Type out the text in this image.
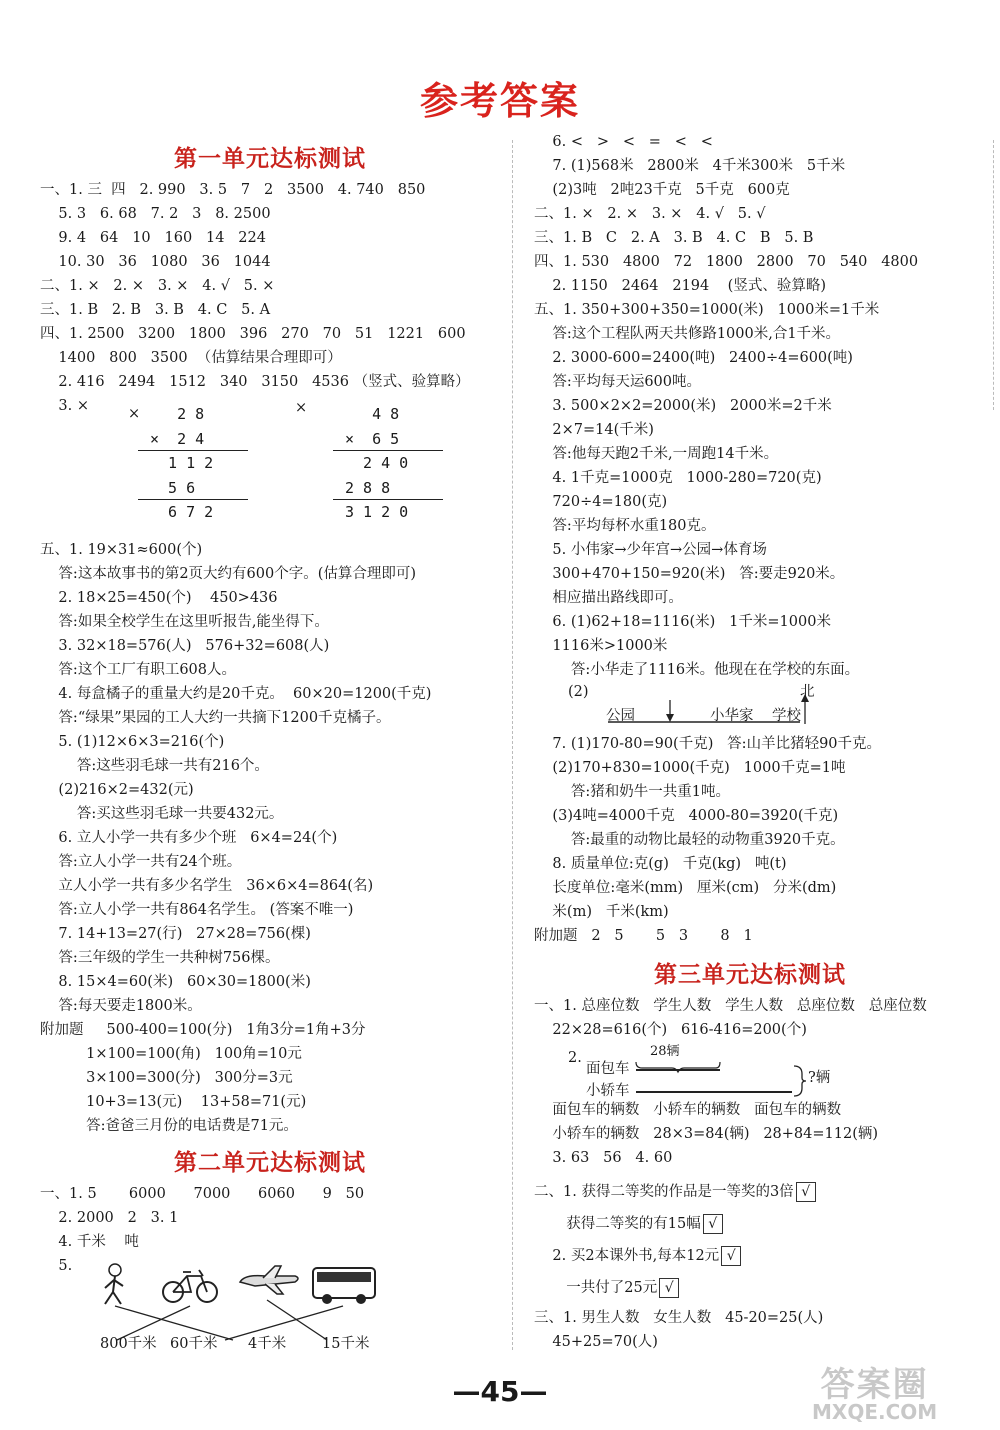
参考答案
第一单元达标测试
一、1. 三  四   2. 990   3. 5   7   2   3500   4. 740   850
5. 3   6. 68   7. 2   3   8. 2500
9. 4   64   10   160   14   224
10. 30   36   1080   36   1044
二、1. ×   2. ×   3. ×   4. √   5. ×
三、1. B   2. B   3. B   4. C   5. A
四、1. 2500   3200   1800   396   270   70   51   1221   600
1400   800   3500  （估算结果合理即可）
2. 416   2494   1512   340   3150   4536 （竖式、验算略）
3. ×	× 2 8
×  2 4
1 1 2
5 6
6 7 2
×	4 8
×  6 5
2 4 0
2 8 8
3 1 2 0
五、1. 19×31≈600(个)
答:这本故事书的第2页大约有600个字。(估算合理即可)
2. 18×25=450(个)    450>436
答:如果全校学生在这里听报告,能坐得下。
3. 32×18=576(人)   576+32=608(人)
答:这个工厂有职工608人。
4. 每盒橘子的重量大约是20千克。  60×20=1200(千克)
答:“绿果”果园的工人大约一共摘下1200千克橘子。
5. (1)12×6×3=216(个)
答:这些羽毛球一共有216个。
(2)216×2=432(元)
答:买这些羽毛球一共要432元。
6. 立人小学一共有多少个班   6×4=24(个)
答:立人小学一共有24个班。
立人小学一共有多少名学生   36×6×4=864(名)
答:立人小学一共有864名学生。 (答案不唯一)
7. 14+13=27(行)   27×28=756(棵)
答:三年级的学生一共种树756棵。
8. 15×4=60(米)   60×30=1800(米)
答:每天要走1800米。
附加题     500-400=100(分)   1角3分=1角+3分
1×100=100(角)   100角=10元
3×100=300(分)   300分=3元
10+3=13(元)    13+58=71(元)
答:爸爸三月份的电话费是71元。
第二单元达标测试
一、1. 5       6000      7000      6060      9   50
2. 2000   2   3. 1
4. 千米    吨
5.
800千米 60千米 4千米 15千米
6. <   >   <   =   <   <
7. (1)568米   2800米   4千米300米   5千米
(2)3吨   2吨23千克   5千克   600克
二、1. ×   2. ×   3. ×   4. √   5. √
三、1. B   C   2. A   3. B   4. C   B   5. B
四、1. 530   4800   72   1800   2800   70   540   4800
2. 1150   2464   2194    (竖式、验算略)
五、1. 350+300+350=1000(米)   1000米=1千米
答:这个工程队两天共修路1000米,合1千米。
2. 3000-600=2400(吨)   2400÷4=600(吨)
答:平均每天运600吨。
3. 500×2×2=2000(米)   2000米=2千米
2×7=14(千米)
答:他每天跑2千米,一周跑14千米。
4. 1千克=1000克   1000-280=720(克)
720÷4=180(克)
答:平均每杯水重180克。
5. 小伟家→少年宫→公园→体育场
300+470+150=920(米)   答:要走920米。
相应描出路线即可。
6. (1)62+18=1116(米)   1千米=1000米
1116米>1000米
答:小华走了1116米。他现在在学校的东面。
(2)
公园	小华家 学校
北
7. (1)170-80=90(千克)   答:山羊比猪轻90千克。
(2)170+830=1000(千克)   1000千克=1吨
答:猪和奶牛一共重1吨。
(3)4吨=4000千克   4000-80=3920(千克)
答:最重的动物比最轻的动物重3920千克。
8. 质量单位:克(g)   千克(kg)   吨(t)
长度单位:毫米(mm)   厘米(cm)   分米(dm)
米(m)   千米(km)
附加题   2   5       5   3       8   1
第三单元达标测试
一、1. 总座位数   学生人数   学生人数   总座位数   总座位数
22×28=616(个)   616-416=200(个)
2.	28辆
面包车
小轿车
?辆
面包车的辆数   小轿车的辆数   面包车的辆数
小轿车的辆数   28×3=84(辆)   28+84=112(辆)
3. 63   56   4. 60
二、1. 获得二等奖的作品是一等奖的3倍 √
获得二等奖的有15幅 √
2. 买2本课外书,每本12元 √
一共付了25元 √
三、1. 男生人数   女生人数   45-20=25(人)
45+25=70(人)
—45—	答案圈
MXQE.COM
